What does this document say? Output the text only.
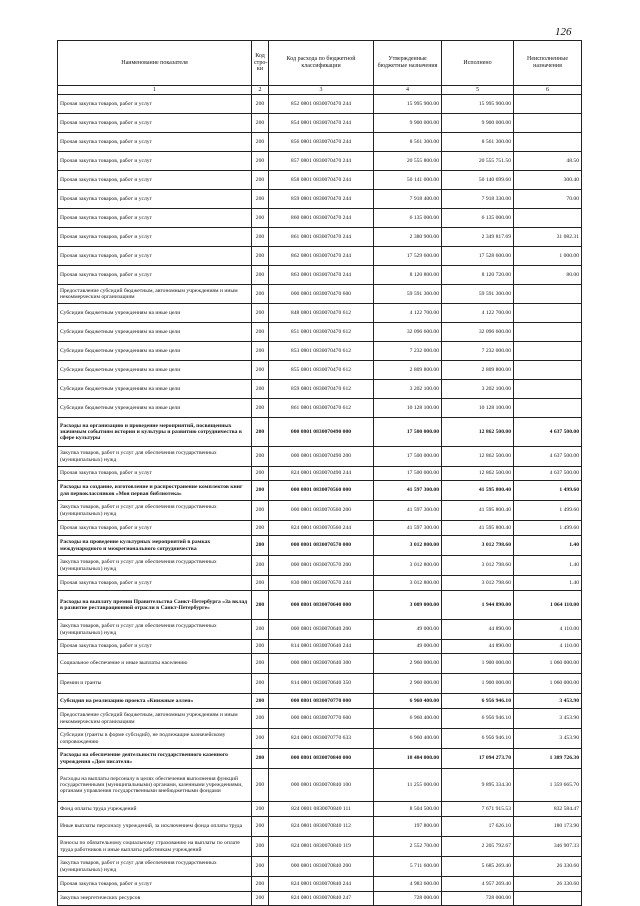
126
Наименование показателя	Код стро-ки	Код расхода по бюджетной классификации	Утвержденные бюджетные назначения	Исполнено	Неисполненные назначения
1	2	3	4	5	6
Прочая закупка товаров, работ и услуг	200	852 0801 0830070470 244	15 995 900.00	15 995 900.00	
Прочая закупка товаров, работ и услуг	200	854 0801 0830070470 244	9 900 000.00	9 900 000.00	
Прочая закупка товаров, работ и услуг	200	856 0801 0830070470 244	8 561 300.00	8 561 300.00	
Прочая закупка товаров, работ и услуг	200	857 0801 0830070470 244	20 555 800.00	20 555 751.50	48.50
Прочая закупка товаров, работ и услуг	200	858 0801 0830070470 244	50 141 000.00	50 140 699.60	300.40
Прочая закупка товаров, работ и услуг	200	859 0801 0830070470 244	7 918 400.00	7 918 330.00	70.00
Прочая закупка товаров, работ и услуг	200	860 0801 0830070470 244	6 135 000.00	6 135 000.00	
Прочая закупка товаров, работ и услуг	200	861 0801 0830070470 244	2 380 900.00	2 349 817.69	31 082.31
Прочая закупка товаров, работ и услуг	200	862 0801 0830070470 244	17 529 600.00	17 528 600.00	1 000.00
Прочая закупка товаров, работ и услуг	200	863 0801 0830070470 244	8 120 800.00	8 120 720.00	80.00
Предоставление субсидий бюджетным, автономным учреждениям и иным некоммерческим организациям	200	000 0801 0830070470 600	59 591 300.00	59 591 300.00	
Субсидии бюджетным учреждениям на иные цели	200	848 0801 0830070470 612	4 122 700.00	4 122 700.00	
Субсидии бюджетным учреждениям на иные цели	200	851 0801 0830070470 612	32 096 600.00	32 096 600.00	
Субсидии бюджетным учреждениям на иные цели	200	853 0801 0830070470 612	7 232 000.00	7 232 000.00	
Субсидии бюджетным учреждениям на иные цели	200	855 0801 0830070470 612	2 809 800.00	2 809 800.00	
Субсидии бюджетным учреждениям на иные цели	200	859 0801 0830070470 612	3 202 100.00	3 202 100.00	
Субсидии бюджетным учреждениям на иные цели	200	861 0801 0830070470 612	10 128 100.00	10 128 100.00	
Расходы на организацию и проведение мероприятий, посвященных значимым событиям истории и культуры и развитию сотрудничества в сфере культуры	200	000 0801 0830070490 000	17 500 000.00	12 862 500.00	4 637 500.00
Закупка товаров, работ и услуг для обеспечения государственных (муниципальных) нужд	200	000 0801 0830070490 200	17 500 000.00	12 862 500.00	4 637 500.00
Прочая закупка товаров, работ и услуг	200	824 0801 0830070490 244	17 500 000.00	12 862 500.00	4 637 500.00
Расходы на создание, изготовление и распространение комплектов книг для первоклассников «Моя первая библиотека»	200	000 0801 0830070560 000	41 597 300.00	41 595 800.40	1 499.60
Закупка товаров, работ и услуг для обеспечения государственных (муниципальных) нужд	200	000 0801 0830070560 200	41 597 300.00	41 595 800.40	1 499.60
Прочая закупка товаров, работ и услуг	200	824 0801 0830070560 244	41 597 300.00	41 595 800.40	1 499.60
Расходы на проведение культурных мероприятий в рамках международного и межрегионального сотрудничества	200	000 0801 0830070570 000	3 012 800.00	3 012 798.60	1.40
Закупка товаров, работ и услуг для обеспечения государственных (муниципальных) нужд	200	000 0801 0830070570 200	3 012 800.00	3 012 798.60	1.40
Прочая закупка товаров, работ и услуг	200	830 0801 0830070570 244	3 012 800.00	3 012 798.60	1.40
Расходы на выплату премии Правительства Санкт-Петербурга «За вклад в развитие реставрационной отрасли в Санкт-Петербурге»	200	000 0801 0830070640 000	3 009 000.00	1 944 890.00	1 064 110.00
Закупка товаров, работ и услуг для обеспечения государственных (муниципальных) нужд	200	000 0801 0830070640 200	49 000.00	44 890.00	4 110.00
Прочая закупка товаров, работ и услуг	200	814 0801 0830070640 244	49 000.00	44 890.00	4 110.00
Социальное обеспечение и иные выплаты населению	200	000 0801 0830070640 300	2 960 000.00	1 900 000.00	1 060 000.00
Премии и гранты	200	814 0801 0830070640 350	2 960 000.00	1 900 000.00	1 060 000.00
Субсидия на реализацию проекта «Книжные аллеи»	200	000 0801 0830070770 000	6 960 400.00	6 956 946.10	3 453.90
Предоставление субсидий бюджетным, автономным учреждениям и иным некоммерческим организациям	200	000 0801 0830070770 600	6 960 400.00	6 956 946.10	3 453.90
Субсидии (гранты в форме субсидий), не подлежащие казначейскому сопровождению	200	824 0801 0830070770 633	6 960 400.00	6 956 946.10	3 453.90
Расходы на обеспечение деятельности государственного казенного учреждения «Дом писателя»	200	000 0801 0830070840 000	18 484 000.00	17 094 273.70	1 389 726.30
Расходы на выплаты персоналу в целях обеспечения выполнения функций государственными (муниципальными) органами, казенными учреждениями, органами управления государственными внебюджетными фондами	200	000 0801 0830070840 100	11 255 000.00	9 895 334.30	1 359 665.70
Фонд оплаты труда учреждений	200	824 0801 0830070840 111	8 504 500.00	7 671 915.53	832 584.47
Иные выплаты персоналу учреждений, за исключением фонда оплаты труда	200	824 0801 0830070840 112	197 800.00	17 626.10	180 173.90
Взносы по обязательному социальному страхованию на выплаты по оплате труда работников и иные выплаты работникам учреждений	200	824 0801 0830070840 119	2 552 700.00	2 205 792.67	346 907.33
Закупка товаров, работ и услуг для обеспечения государственных (муниципальных) нужд	200	000 0801 0830070840 200	5 711 600.00	5 685 269.40	26 330.60
Прочая закупка товаров, работ и услуг	200	824 0801 0830070840 244	4 983 600.00	4 957 269.40	26 330.60
Закупка энергетических ресурсов	200	824 0801 0830070840 247	728 000.00	728 000.00	
